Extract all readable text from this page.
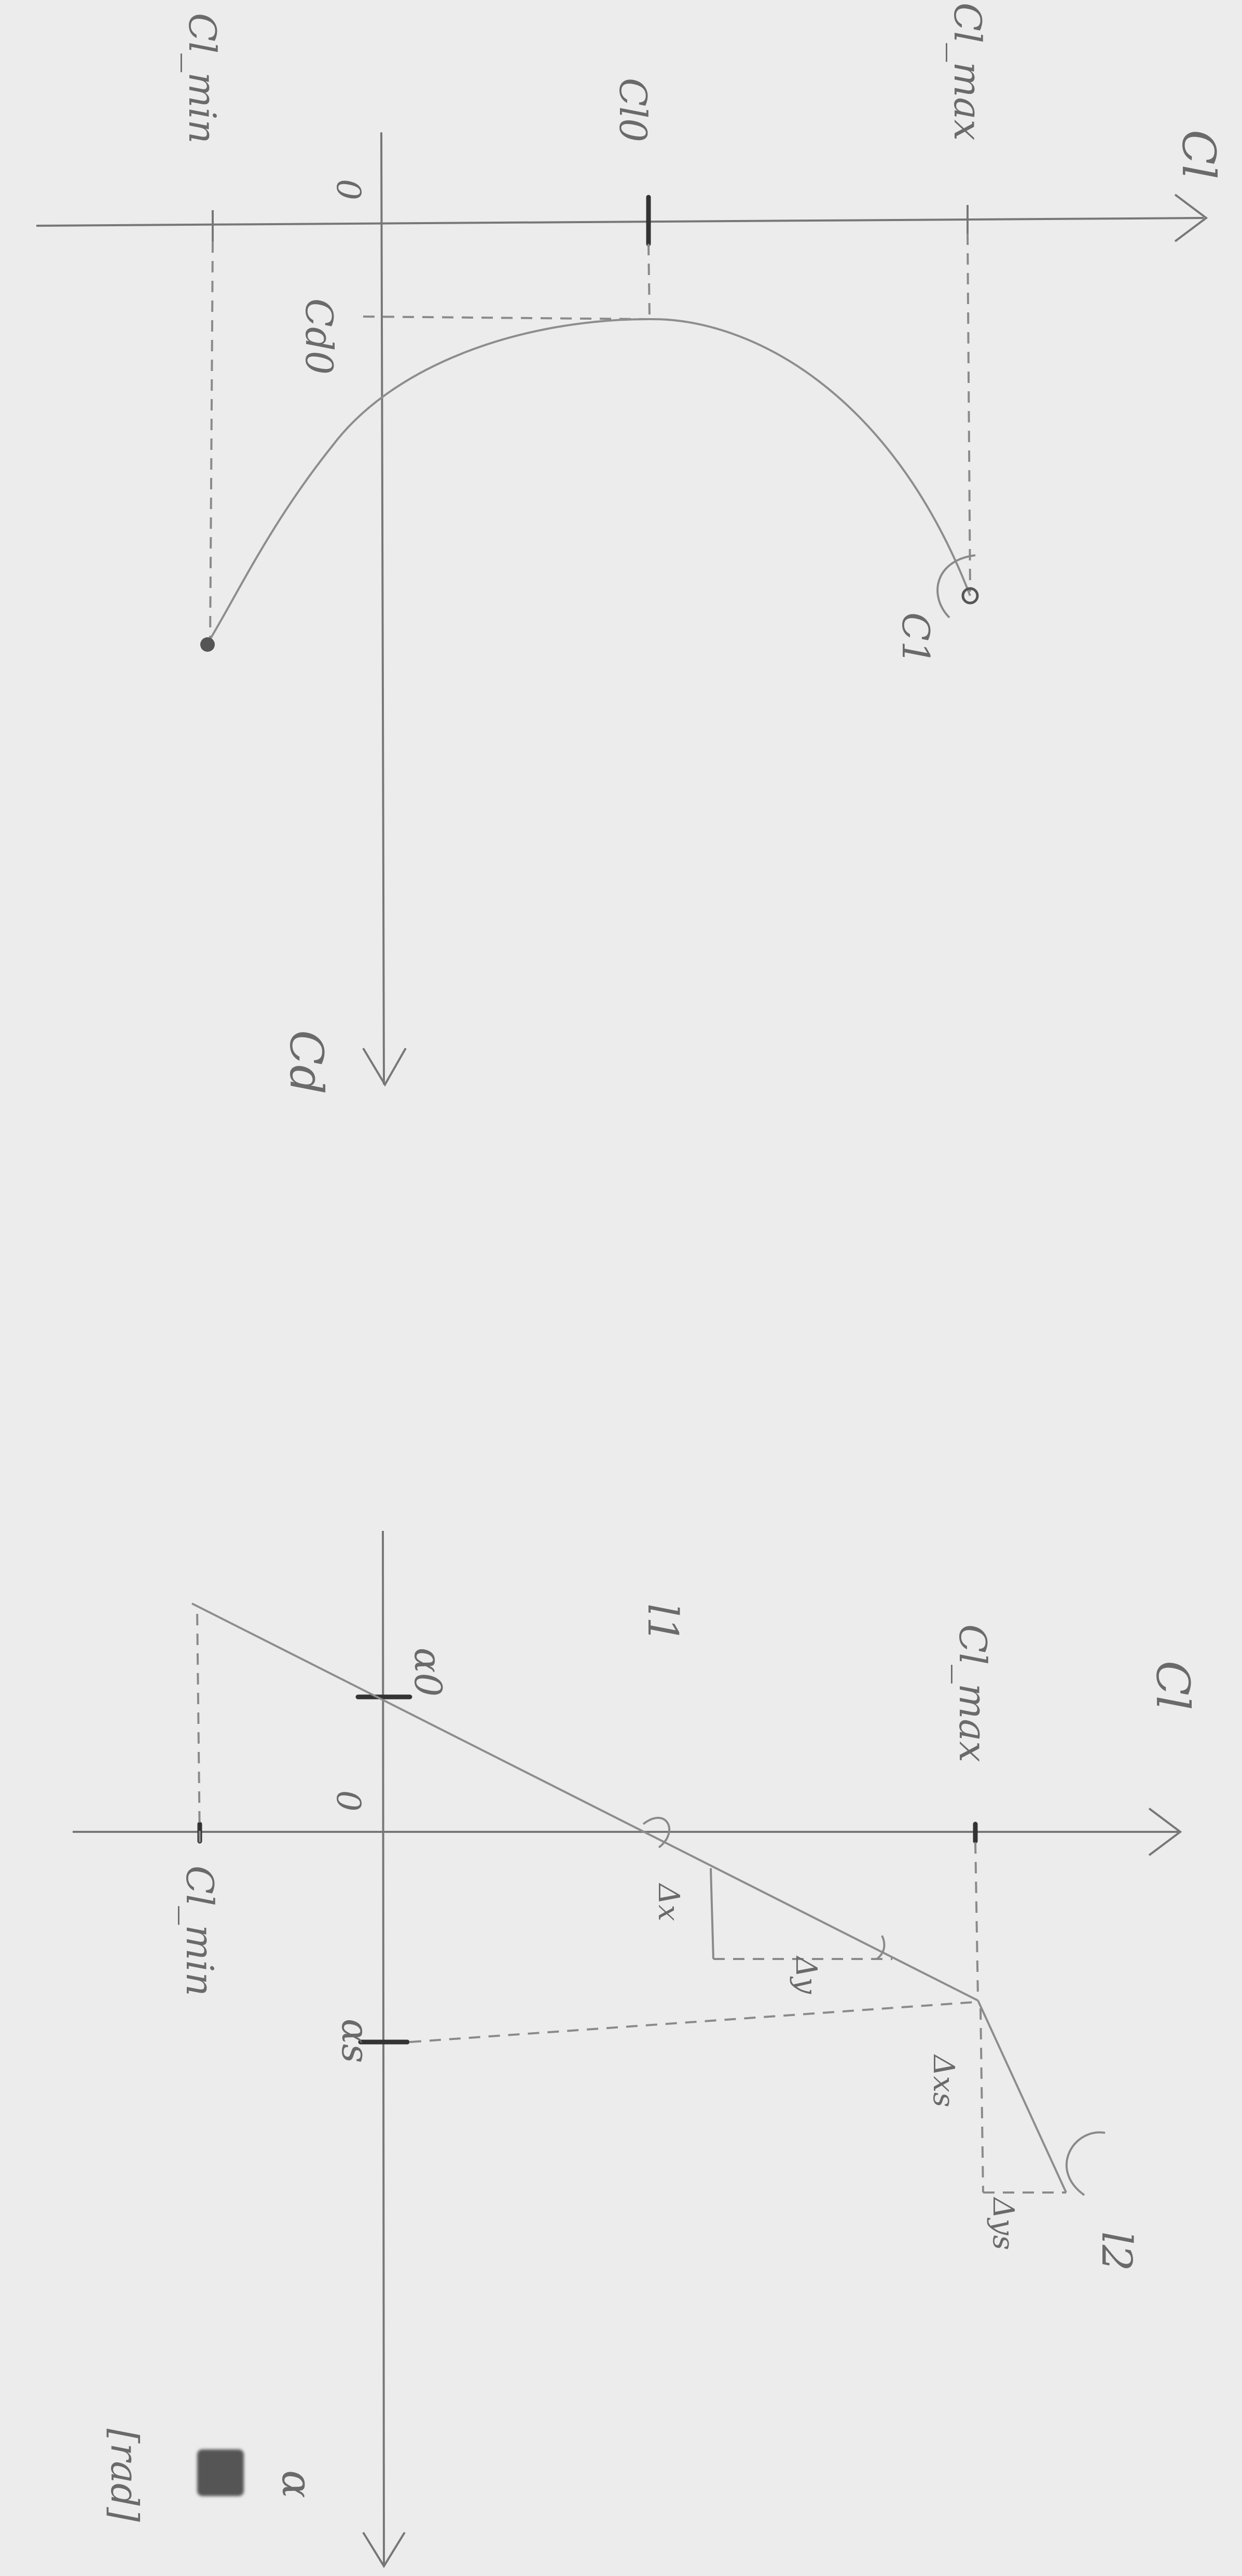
Cl
Cl_max
Cl0
Cl_min
0
Cd0
C1
Cd
Cl
Cl_max
Cl_min
0
α0
αs
Δx
Δy
Δxs
Δys
l1
l2
α
[rad]
